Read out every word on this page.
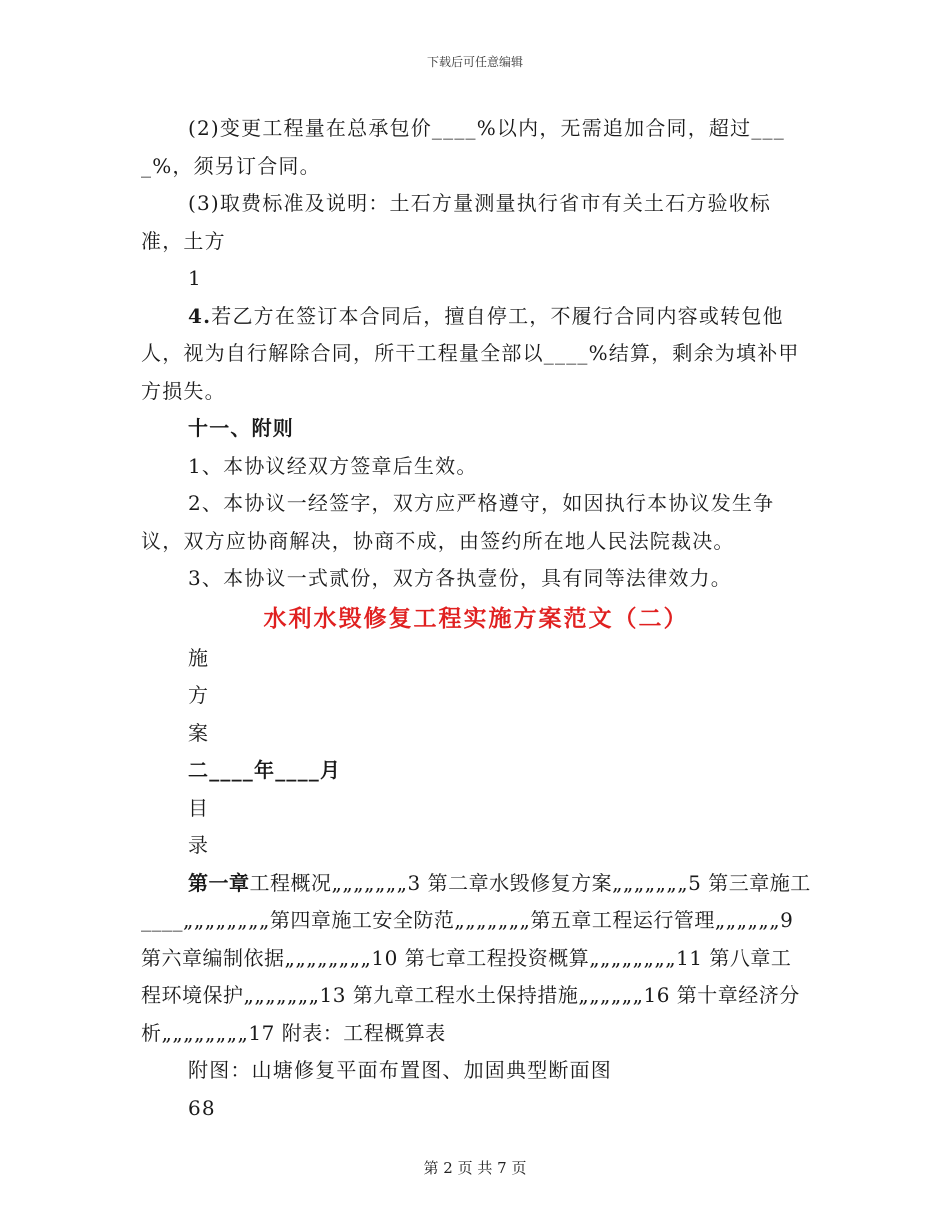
下载后可任意编辑

(2)变更工程量在总承包价____%以内，无需追加合同，超过____%，须另订合同。

(3)取费标准及说明：土石方量测量执行省市有关土石方验收标准，土方

1

4.若乙方在签订本合同后，擅自停工，不履行合同内容或转包他人，视为自行解除合同，所干工程量全部以____%结算，剩余为填补甲方损失。

十一、附则

1、本协议经双方签章后生效。

2、本协议一经签字，双方应严格遵守，如因执行本协议发生争议，双方应协商解决，协商不成，由签约所在地人民法院裁决。

3、本协议一式贰份，双方各执壹份，具有同等法律效力。

水利水毁修复工程实施方案范文（二）

施

方

案

二____年____月

目

录

第一章工程概况„„„„„„„3 第二章水毁修复方案„„„„„„„5 第三章施工____„„„„„„„„第四章施工安全防范„„„„„„„第五章工程运行管理„„„„„„9 第六章编制依据„„„„„„„„10 第七章工程投资概算„„„„„„„„11 第八章工程环境保护„„„„„„„13 第九章工程水土保持措施„„„„„„16 第十章经济分析„„„„„„„„17 附表：工程概算表

附图：山塘修复平面布置图、加固典型断面图

68

第 2 页 共 7 页
